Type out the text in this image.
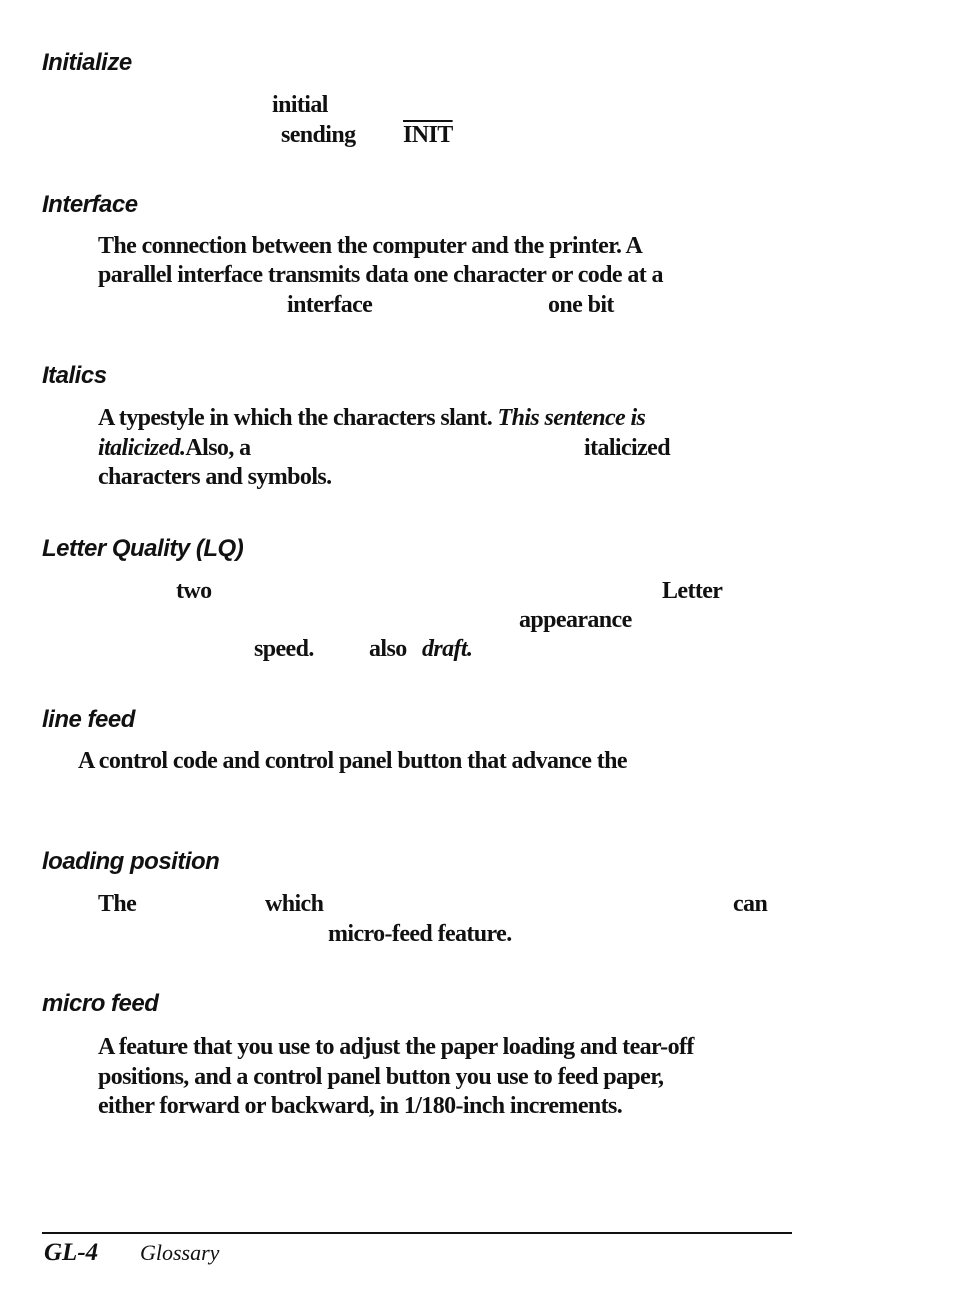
Initialize
initial
sending INIT
Interface
The connection between the computer and the printer. A
parallel interface transmits data one character or code at a
interface	one bit
Italics
A typestyle in which the characters slant. This sentence is
italicized.Also, a	italicized
characters and symbols.
Letter Quality (LQ)
two	Letter
appearance
speed. also draft.
line feed
A control code and control panel button that advance the
loading position
The	which	can
micro-feed feature.
micro feed
A feature that you use to adjust the paper loading and tear-off
positions, and a control panel button you use to feed paper,
either forward or backward, in 1/180-inch increments.
GL-4 Glossary
